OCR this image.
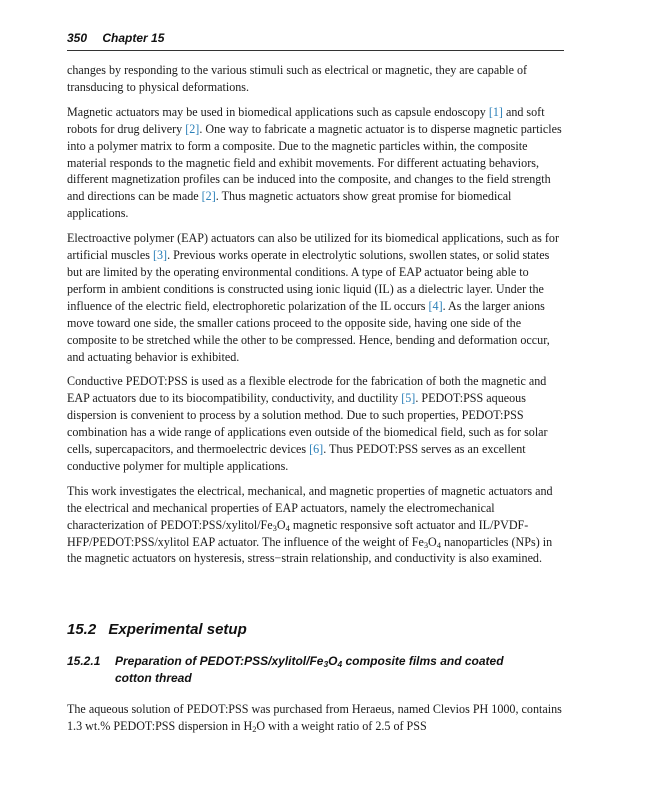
350 Chapter 15

changes by responding to the various stimuli such as electrical or magnetic, they are capable of transducing to physical deformations.

Magnetic actuators may be used in biomedical applications such as capsule endoscopy [1] and soft robots for drug delivery [2]. One way to fabricate a magnetic actuator is to disperse magnetic particles into a polymer matrix to form a composite. Due to the magnetic particles within, the composite material responds to the magnetic field and exhibit movements. For different actuating behaviors, different magnetization profiles can be induced into the composite, and changes to the field strength and directions can be made [2]. Thus magnetic actuators show great promise for biomedical applications.

Electroactive polymer (EAP) actuators can also be utilized for its biomedical applications, such as for artificial muscles [3]. Previous works operate in electrolytic solutions, swollen states, or solid states but are limited by the operating environmental conditions. A type of EAP actuator being able to perform in ambient conditions is constructed using ionic liquid (IL) as a dielectric layer. Under the influence of the electric field, electrophoretic polarization of the IL occurs [4]. As the larger anions move toward one side, the smaller cations proceed to the opposite side, having one side of the composite to be stretched while the other to be compressed. Hence, bending and deformation occur, and actuating behavior is exhibited.

Conductive PEDOT:PSS is used as a flexible electrode for the fabrication of both the magnetic and EAP actuators due to its biocompatibility, conductivity, and ductility [5]. PEDOT:PSS aqueous dispersion is convenient to process by a solution method. Due to such properties, PEDOT:PSS combination has a wide range of applications even outside of the biomedical field, such as for solar cells, supercapacitors, and thermoelectric devices [6]. Thus PEDOT:PSS serves as an excellent conductive polymer for multiple applications.

This work investigates the electrical, mechanical, and magnetic properties of magnetic actuators and the electrical and mechanical properties of EAP actuators, namely the electromechanical characterization of $PEDOT:PSS/xylitol/Fe_3O_4$ magnetic responsive soft actuator and IL/PVDF-HFP/PEDOT:PSS/xylitol EAP actuator. The influence of the weight of $Fe_3O_4$ nanoparticles (NPs) in the magnetic actuators on hysteresis, stress−strain relationship, and conductivity is also examined.

15.2 Experimental setup
15.2.1 Preparation of $PEDOT:PSS/xylitol/Fe_3O_4$ composite films and coated
cotton thread

The aqueous solution of PEDOT:PSS was purchased from Heraeus, named Clevios PH 1000, contains 1.3 wt.% PEDOT:PSS dispersion in $H_2O$ with a weight ratio of 2.5 of PSS
